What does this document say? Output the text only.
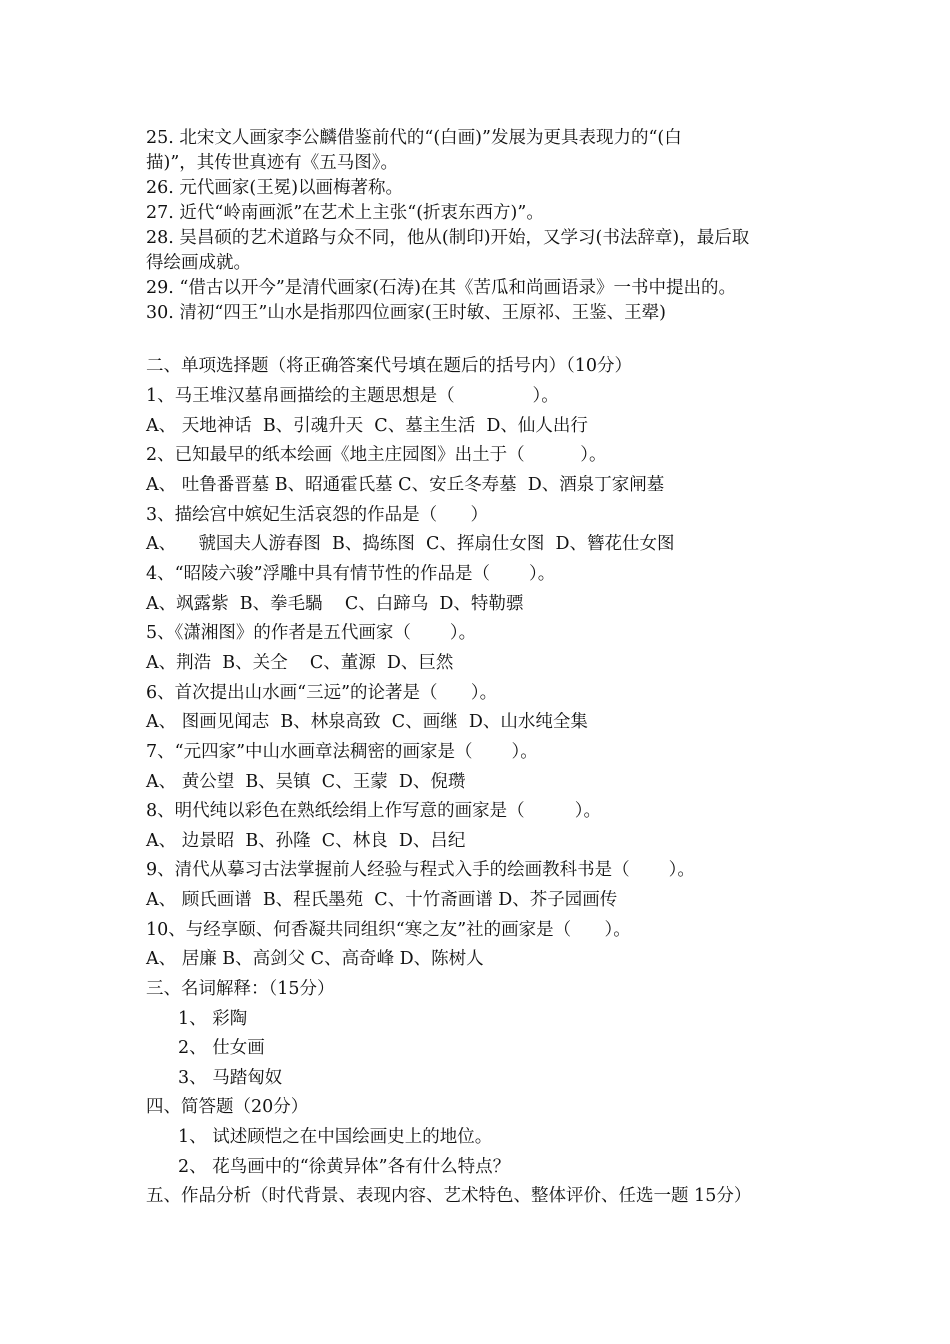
25. 北宋文人画家李公麟借鉴前代的“(白画)”发展为更具表现力的“(白
描)”，其传世真迹有《五马图》。
26. 元代画家(王冕)以画梅著称。
27. 近代“岭南画派”在艺术上主张“(折衷东西方)”。
28. 吴昌硕的艺术道路与众不同，他从(制印)开始，又学习(书法辞章)，最后取
得绘画成就。
29. “借古以开今”是清代画家(石涛)在其《苦瓜和尚画语录》一书中提出的。
30. 清初“四王”山水是指那四位画家(王时敏、王原祁、王鉴、王翚)
二、单项选择题（将正确答案代号填在题后的括号内）（10分）
1、马王堆汉墓帛画描绘的主题思想是（              ）。
A、 天地神话  B、引魂升天  C、墓主生活  D、仙人出行
2、已知最早的纸本绘画《地主庄园图》出土于（          ）。
A、 吐鲁番晋墓 B、昭通霍氏墓 C、安丘冬寿墓  D、酒泉丁家闸墓
3、描绘宫中嫔妃生活哀怨的作品是（      ）
A、    虢国夫人游春图  B、捣练图  C、挥扇仕女图  D、簪花仕女图
4、“昭陵六骏”浮雕中具有情节性的作品是（       ）。
A、飒露紫  B、拳毛騧    C、白蹄乌  D、特勒骠
5、《潇湘图》的作者是五代画家（       ）。
A、荆浩  B、关仝    C、董源  D、巨然
6、首次提出山水画“三远”的论著是（      ）。
A、 图画见闻志  B、林泉高致  C、画继  D、山水纯全集
7、“元四家”中山水画章法稠密的画家是（       ）。
A、 黄公望  B、吴镇  C、王蒙  D、倪瓒
8、明代纯以彩色在熟纸绘绢上作写意的画家是（         ）。
A、 边景昭  B、孙隆  C、林良  D、吕纪
9、清代从摹习古法掌握前人经验与程式入手的绘画教科书是（       ）。
A、 顾氏画谱  B、程氏墨苑  C、十竹斋画谱 D、芥子园画传
10、与经享颐、何香凝共同组织“寒之友”社的画家是（      ）。
A、 居廉 B、高剑父 C、高奇峰 D、陈树人
三、名词解释：（15分）
1、 彩陶
2、 仕女画
3、 马踏匈奴
四、简答题（20分）
1、 试述顾恺之在中国绘画史上的地位。
2、 花鸟画中的“徐黄异体”各有什么特点？
五、作品分析（时代背景、表现内容、艺术特色、整体评价、任选一题 15分）
